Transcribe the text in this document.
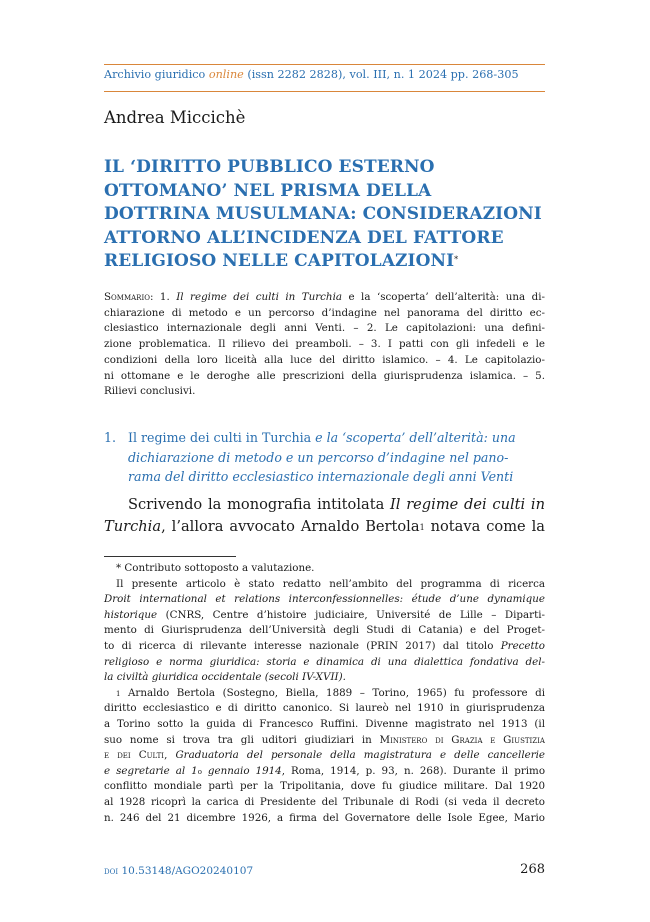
Archivio giuridico online (issn 2282 2828), vol. III, n. 1 2024 pp. 268-305
Andrea Miccichè
IL ‘DIRITTO PUBBLICO ESTERNO
OTTOMANO’ NEL PRISMA DELLA
DOTTRINA MUSULMANA: CONSIDERAZIONI
ATTORNO ALL’INCIDENZA DEL FATTORE
RELIGIOSO NELLE CAPITOLAZIONI*
Sommario: 1. Il regime dei culti in Turchia e la ‘scoperta’ dell’alterità: una di-
chiarazione di metodo e un percorso d’indagine nel panorama del diritto ec-
clesiastico internazionale degli anni Venti. – 2. Le capitolazioni: una defini-
zione problematica. Il rilievo dei preamboli. – 3. I patti con gli infedeli e le
condizioni della loro liceità alla luce del diritto islamico. – 4. Le capitolazio-
ni ottomane e le deroghe alle prescrizioni della giurisprudenza islamica. – 5.
Rilievi conclusivi.
1. Il regime dei culti in Turchia e la ‘scoperta’ dell’alterità: una
dichiarazione di metodo e un percorso d’indagine nel pano-
rama del diritto ecclesiastico internazionale degli anni Venti
Scrivendo la monografia intitolata Il regime dei culti in
Turchia, l’allora avvocato Arnaldo Bertola$^1$ notava come la
* Contributo sottoposto a valutazione.
Il presente articolo è stato redatto nell’ambito del programma di ricerca
Droit international et relations interconfessionnelles: étude d’une dynamique
historique (CNRS, Centre d’histoire judiciaire, Université de Lille – Diparti-
mento di Giurisprudenza dell’Università degli Studi di Catania) e del Proget-
to di ricerca di rilevante interesse nazionale (PRIN 2017) dal titolo Precetto
religioso e norma giuridica: storia e dinamica di una dialettica fondativa del-
la civiltà giuridica occidentale (secoli IV-XVII).
$^1$ Arnaldo Bertola (Sostegno, Biella, 1889 – Torino, 1965) fu professore di
diritto ecclesiastico e di diritto canonico. Si laureò nel 1910 in giurisprudenza
a Torino sotto la guida di Francesco Ruffini. Divenne magistrato nel 1913 (il
suo nome si trova tra gli uditori giudiziari in Ministero di Grazia e Giustizia
e dei Culti, Graduatoria del personale della magistratura e delle cancellerie
e segretarie al 1$^o$ gennaio 1914, Roma, 1914, p. 93, n. 268). Durante il primo
conflitto mondiale partì per la Tripolitania, dove fu giudice militare. Dal 1920
al 1928 ricoprì la carica di Presidente del Tribunale di Rodi (si veda il decreto
n. 246 del 21 dicembre 1926, a firma del Governatore delle Isole Egee, Mario
doi 10.53148/AGO20240107	268
